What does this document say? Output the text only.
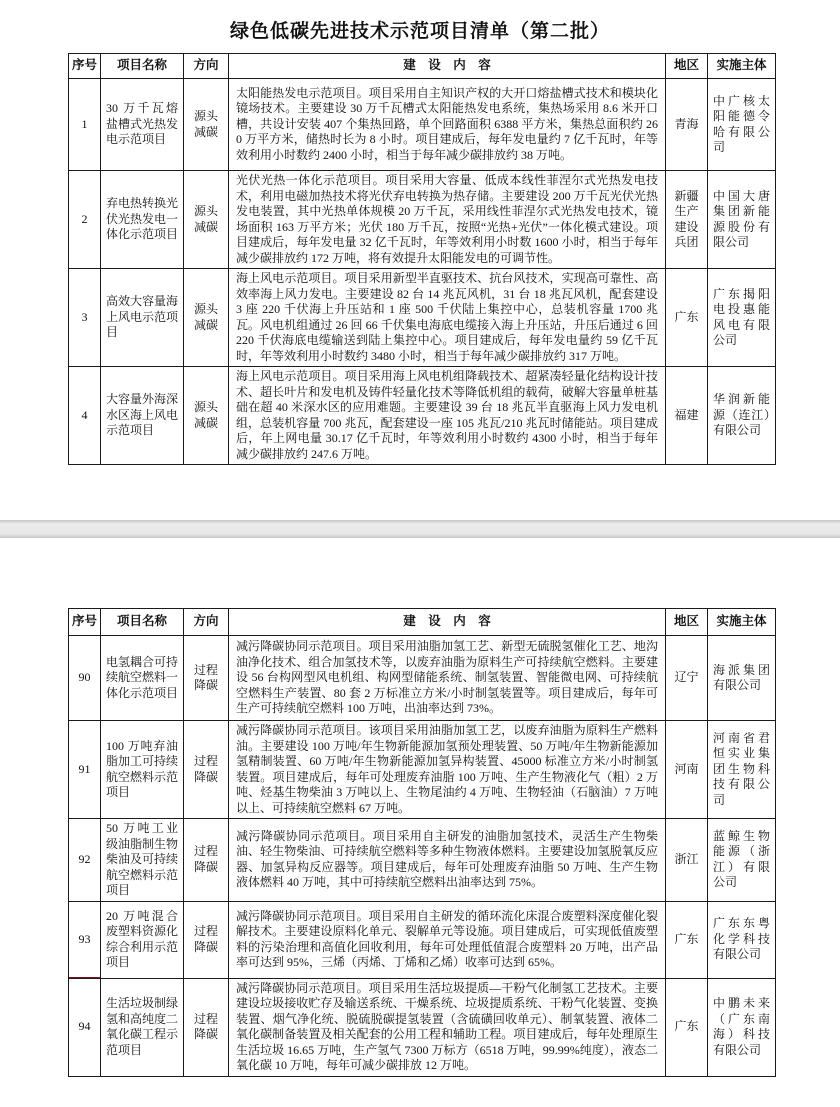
绿色低碳先进技术示范项目清单（第二批）
序号	项目名称	方向	建　设　内　容	地区	实施主体
1	30 万千瓦熔盐槽式光热发电示范项目	源头减碳	太阳能热发电示范项目。项目采用自主知识产权的大开口熔盐槽式技术和模块化镜场技术。主要建设 30 万千瓦槽式太阳能热发电系统，集热场采用 8.6 米开口槽，共设计安装 407 个集热回路，单个回路面积 6388 平方米，集热总面积约 260 万平方米，储热时长为 8 小时。项目建成后，每年发电量约 7 亿千瓦时，年等效利用小时数约 2400 小时，相当于每年减少碳排放约 38 万吨。	青海	中广核太阳能德令哈有限公司
2	弃电热转换光伏光热发电一体化示范项目	源头减碳	光伏光热一体化示范项目。项目采用大容量、低成本线性菲涅尔式光热发电技术，利用电磁加热技术将光伏弃电转换为热存储。主要建设 200 万千瓦光伏光热发电装置，其中光热单体规模 20 万千瓦，采用线性菲涅尔式光热发电技术，镜场面积 163 万平方米；光伏 180 万千瓦，按照“光热+光伏”一体化模式建设。项目建成后，每年发电量 32 亿千瓦时，年等效利用小时数 1600 小时，相当于每年减少碳排放约 172 万吨，将有效提升太阳能发电的可调节性。	新疆生产建设兵团	中国大唐集团新能源股份有限公司
3	高效大容量海上风电示范项目	源头减碳	海上风电示范项目。项目采用新型半直驱技术、抗台风技术，实现高可靠性、高效率海上风力发电。主要建设 82 台 14 兆瓦风机，31 台 18 兆瓦风机，配套建设 3 座 220 千伏海上升压站和 1 座 500 千伏陆上集控中心，总装机容量 1700 兆瓦。风电机组通过 26 回 66 千伏集电海底电缆接入海上升压站，升压后通过 6 回 220 千伏海底电缆输送到陆上集控中心。项目建成后，每年发电量约 59 亿千瓦时，年等效利用小时数约 3480 小时，相当于每年减少碳排放约 317 万吨。	广东	广东揭阳电投惠能风电有限公司
4	大容量外海深水区海上风电示范项目	源头减碳	海上风电示范项目。项目采用海上风电机组降载技术、超紧凑轻量化结构设计技术、超长叶片和发电机及铸件轻量化技术等降低机组的载荷，破解大容量单桩基础在超 40 米深水区的应用难题。主要建设 39 台 18 兆瓦半直驱海上风力发电机组，总装机容量 700 兆瓦，配套建设一座 105 兆瓦/210 兆瓦时储能站。项目建成后，年上网电量 30.17 亿千瓦时，年等效利用小时数约 4300 小时，相当于每年减少碳排放约 247.6 万吨。	福建	华润新能源（连江）有限公司
序号	项目名称	方向	建　设　内　容	地区	实施主体
90	电氢耦合可持续航空燃料一体化示范项目	过程降碳	减污降碳协同示范项目。项目采用油脂加氢工艺、新型无硫脱氢催化工艺、地沟油净化技术、组合加氢技术等，以废弃油脂为原料生产可持续航空燃料。主要建设 56 台构网型风电机组、构网型储能系统、制氢装置、智能微电网、可持续航空燃料生产装置、80 套 2 万标准立方米/小时制氢装置等。项目建成后，每年可生产可持续航空燃料 100 万吨，出油率达到 73%。	辽宁	海派集团有限公司
91	100 万吨弃油脂加工可持续航空燃料示范项目	过程降碳	减污降碳协同示范项目。该项目采用油脂加氢工艺，以废弃油脂为原料生产燃料油。主要建设 100 万吨/年生物新能源加氢预处理装置、50 万吨/年生物新能源加氢精制装置、60 万吨/年生物新能源加氢异构装置、45000 标准立方米/小时制氢装置。项目建成后，每年可处理废弃油脂 100 万吨、生产生物液化气（粗）2 万吨、烃基生物柴油 3 万吨以上、生物尾油约 4 万吨、生物轻油（石脑油）7 万吨以上、可持续航空燃料 67 万吨。	河南	河南省君恒实业集团生物科技有限公司
92	50 万吨工业级油脂制生物柴油及可持续航空燃料示范项目	过程降碳	减污降碳协同示范项目。项目采用自主研发的油脂加氢技术，灵活生产生物柴油、轻生物柴油、可持续航空燃料等多种生物液体燃料。主要建设加氢脱氧反应器、加氢异构反应器等。项目建成后，每年可处理废弃油脂 50 万吨、生产生物液体燃料 40 万吨，其中可持续航空燃料出油率达到 75%。	浙江	蓝鲸生物能源（浙江）有限公司

93	20 万吨混合废塑料资源化综合利用示范项目	过程降碳	减污降碳协同示范项目。项目采用自主研发的循环流化床混合废塑料深度催化裂解技术。主要建设原料化单元、裂解单元等设施。项目建成后，可实现低值废塑料的污染治理和高值化回收利用，每年可处理低值混合废塑料 20 万吨，出产品率可达到 95%，三烯（丙烯、丁烯和乙烯）收率可达到 65%。	广东	广东东粤化学科技有限公司
94	生活垃圾制绿氢和高纯度二氧化碳工程示范项目	过程降碳	减污降碳协同示范项目。项目采用生活垃圾提质—干粉气化制氢工艺技术。主要建设垃圾接收贮存及输送系统、干燥系统、垃圾提质系统、干粉气化装置、变换装置、烟气净化统、脱硫脱碳提氢装置（含硫磺回收单元）、制氧装置、液体二氧化碳制备装置及相关配套的公用工程和辅助工程。项目建成后，每年处理原生生活垃圾 16.65 万吨，生产氢气 7300 万标方（6518 万吨，99.99%纯度），液态二氧化碳 10 万吨，每年可减少碳排放 12 万吨。	广东	中鹏未来（广东南海）科技有限公司
